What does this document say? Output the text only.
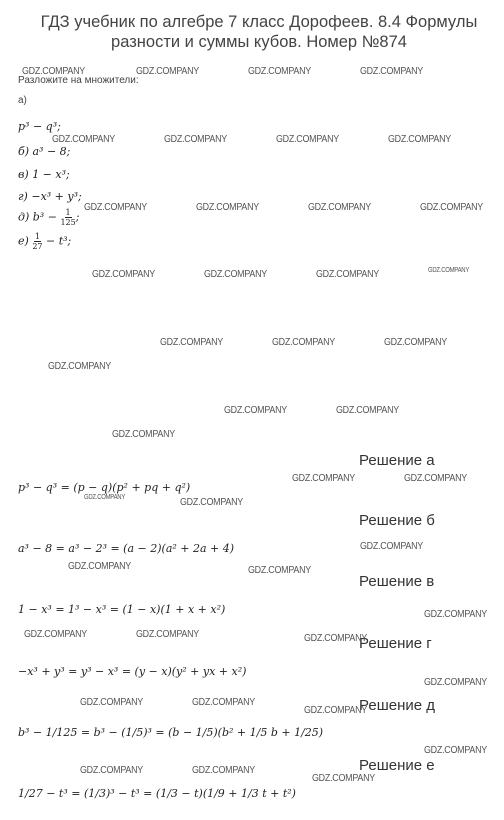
ГДЗ учебник по алгебре 7 класс Дорофеев. 8.4 Формулы разности и суммы кубов. Номер №874
Разложите на множители:
а)
p³ − q³;
б) a³ − 8;
в) 1 − x³;
г) −x³ + y³;
д) $b^3 - \frac{1}{125}$ ;
$е) \frac{1}{27} - t^3$;
Решение а
p³ − q³ = (p − q)(p² + pq + q²)
Решение б
a³ − 8 = a³ − 2³ = (a − 2)(a² + 2a + 4)
Решение в
1 − x³ = 1³ − x³ = (1 − x)(1 + x + x²)
Решение г
−x³ + y³ = y³ − x³ = (y − x)(y² + yx + x²)
Решение д
b³ − 1/125 = b³ − (1/5)³ = (b − 1/5)(b² + 1/5 b + 1/25)
Решение е
1/27 − t³ = (1/3)³ − t³ = (1/3 − t)(1/9 + 1/3 t + t²)
GDZ.COMPANY	GDZ.COMPANY	GDZ.COMPANY	GDZ.COMPANY
GDZ.COMPANY	GDZ.COMPANY	GDZ.COMPANY	GDZ.COMPANY
GDZ.COMPANY	GDZ.COMPANY	GDZ.COMPANY	GDZ.COMPANY
GDZ.COMPANY	GDZ.COMPANY	GDZ.COMPANY	GDZ.COMPANY
GDZ.COMPANY	GDZ.COMPANY	GDZ.COMPANY
GDZ.COMPANY
GDZ.COMPANY	GDZ.COMPANY
GDZ.COMPANY
GDZ.COMPANY	GDZ.COMPANY
GDZ.COMPANY	GDZ.COMPANY
GDZ.COMPANY
GDZ.COMPANY	GDZ.COMPANY
GDZ.COMPANY
GDZ.COMPANY	GDZ.COMPANY	GDZ.COMPANY
GDZ.COMPANY
GDZ.COMPANY	GDZ.COMPANY
GDZ.COMPANY
GDZ.COMPANY
GDZ.COMPANY	GDZ.COMPANY
GDZ.COMPANY
